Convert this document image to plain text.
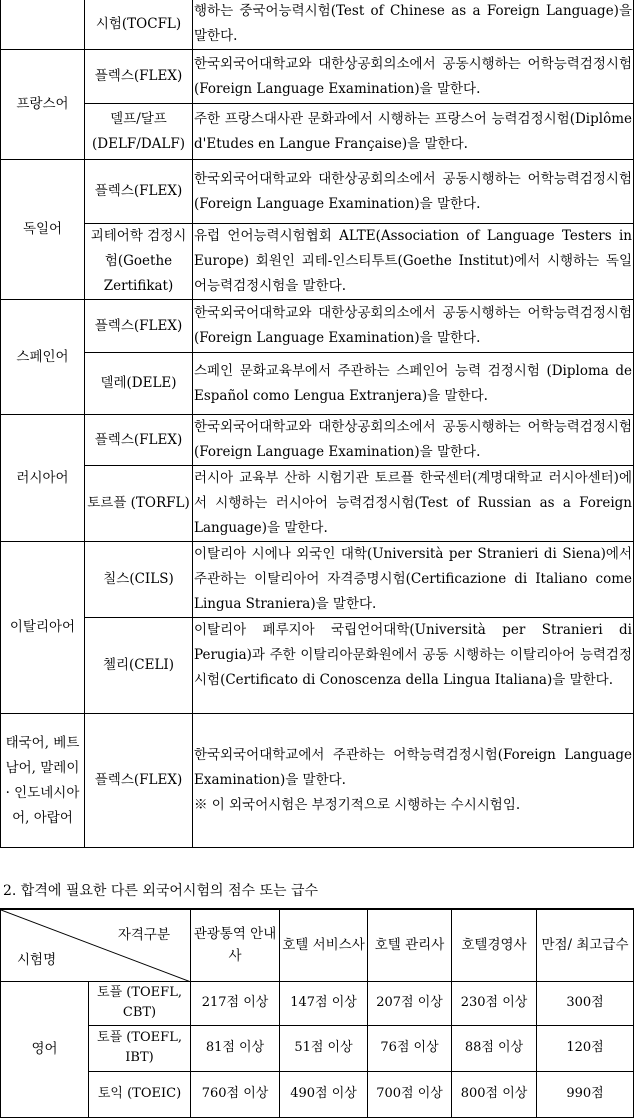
	시험(TOCFL)	행하는 중국어능력시험(Test of Chinese as a Foreign Language)을 말한다.
프랑스어	플렉스(FLEX)	한국외국어대학교와 대한상공회의소에서 공동시행하는 어학능력검정시험 (Foreign Language Examination)을 말한다.
	델프/달프 (DELF/DALF)	주한 프랑스대사관 문화과에서 시행하는 프랑스어 능력검정시험(Diplôme d'Etudes en Langue Française)을 말한다.
독일어	플렉스(FLEX)	한국외국어대학교와 대한상공회의소에서 공동시행하는 어학능력검정시험 (Foreign Language Examination)을 말한다.
	괴테어학 검정시험(Goethe Zertifikat)	유럽 언어능력시험협회 ALTE(Association of Language Testers in Europe) 회원인 괴테-인스티투트(Goethe Institut)에서 시행하는 독일어능력검정시험을 말한다.
스페인어	플렉스(FLEX)	한국외국어대학교와 대한상공회의소에서 공동시행하는 어학능력검정시험 (Foreign Language Examination)을 말한다.
	델레(DELE)	스페인 문화교육부에서 주관하는 스페인어 능력 검정시험 (Diploma de Español como Lengua Extranjera)을 말한다.
러시아어	플렉스(FLEX)	한국외국어대학교와 대한상공회의소에서 공동시행하는 어학능력검정시험 (Foreign Language Examination)을 말한다.
	토르플 (TORFL)	러시아 교육부 산하 시험기관 토르플 한국센터(계명대학교 러시아센터)에서 시행하는 러시아어 능력검정시험(Test of Russian as a Foreign Language)을 말한다.
이탈리아어	칠스(CILS)	이탈리아 시에나 외국인 대학(Università per Stranieri di Siena)에서 주관하는 이탈리아어 자격증명시험(Certificazione di Italiano come Lingua Straniera)을 말한다.
	첼리(CELI)	이탈리아 페루지아 국립언어대학(Università per Stranieri di Perugia)과 주한 이탈리아문화원에서 공동 시행하는 이탈리아어 능력검정시험(Certificato di Conoscenza della Lingua Italiana)을 말한다.
태국어, 베트남어, 말레이 · 인도네시아어, 아랍어	플렉스(FLEX)	한국외국어대학교에서 주관하는 어학능력검정시험(Foreign Language Examination)을 말한다.
※ 이 외국어시험은 부정기적으로 시행하는 수시시험임.
2. 합격에 필요한 다른 외국어시험의 점수 또는 급수
자격구분
시험명		관광통역 안내사	호텔 서비스사	호텔 관리사	호텔경영사	만점/ 최고급수
영어	토플 (TOEFL, CBT)	217점 이상	147점 이상	207점 이상	230점 이상	300점
	토플 (TOEFL, IBT)	81점 이상	51점 이상	76점 이상	88점 이상	120점
	토익 (TOEIC)	760점 이상	490점 이상	700점 이상	800점 이상	990점
